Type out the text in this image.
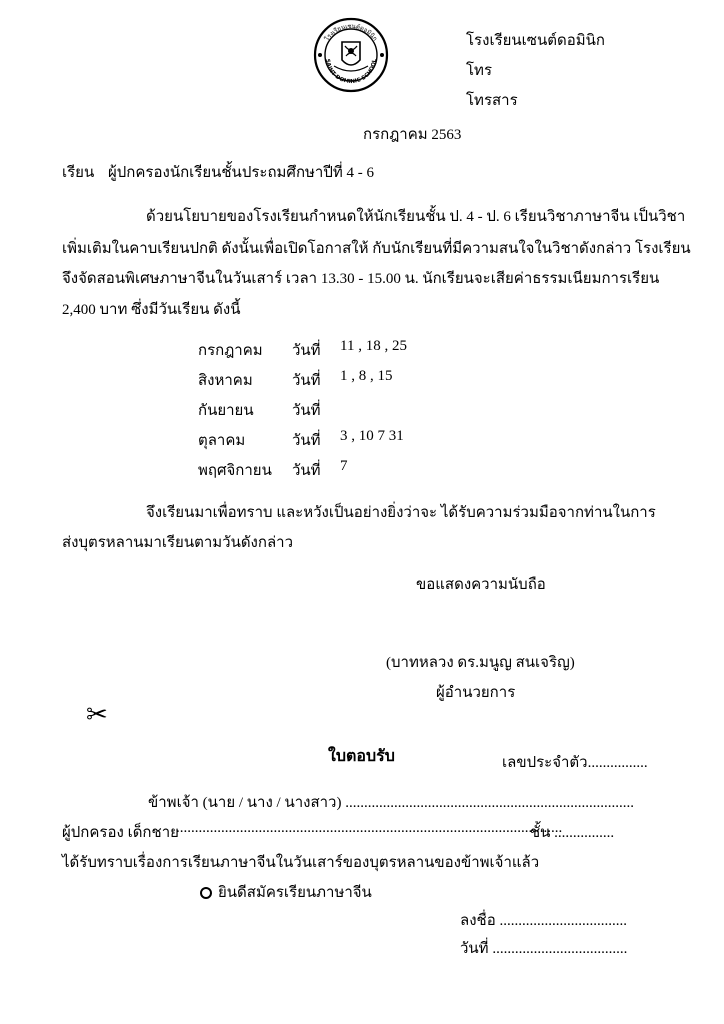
โรงเรียนเซนต์ดอมินิก
SAINT DOMINIC SCHOOL
โรงเรียนเซนต์ดอมินิก
โทร
โทรสาร
กรกฎาคม 2563
เรียน ผู้ปกครองนักเรียนชั้นประถมศึกษาปีที่ 4 - 6
ด้วยนโยบายของโรงเรียนกำหนดให้นักเรียนชั้น ป. 4 - ป. 6 เรียนวิชาภาษาจีน เป็นวิชา
เพิ่มเติมในคาบเรียนปกติ ดังนั้นเพื่อเปิดโอกาสให้ กับนักเรียนที่มีความสนใจในวิชาดังกล่าว โรงเรียน
จึงจัดสอนพิเศษภาษาจีนในวันเสาร์ เวลา 13.30 - 15.00 น. นักเรียนจะเสียค่าธรรมเนียมการเรียน
2,400 บาท ซึ่งมีวันเรียน ดังนี้
กรกฎาคม วันที่ 11 , 18 , 25
สิงหาคม	วันที่ 1 , 8 , 15
กันยายน	วันที่
ตุลาคม	วันที่ 3 , 10 7 31
พฤศจิกายน วันที่ 7
จึงเรียนมาเพื่อทราบ และหวังเป็นอย่างยิ่งว่าจะ ได้รับความร่วมมือจากท่านในการ
ส่งบุตรหลานมาเรียนตามวันดังกล่าว
ขอแสดงความนับถือ
(บาทหลวง ดร.มนูญ สนเจริญ)
ผู้อำนวยการ
✂
ใบตอบรับ	เลขประจำตัว................
ข้าพเจ้า (นาย / นาง / นางสาว) .............................................................................
ผู้ปกครอง เด็กชาย
.......................................................................................................
ชั้น ................
ได้รับทราบเรื่องการเรียนภาษาจีนในวันเสาร์ของบุตรหลานของข้าพเจ้าแล้ว
ยินดีสมัครเรียนภาษาจีน
ลงชื่อ ..................................
วันที่ ....................................
